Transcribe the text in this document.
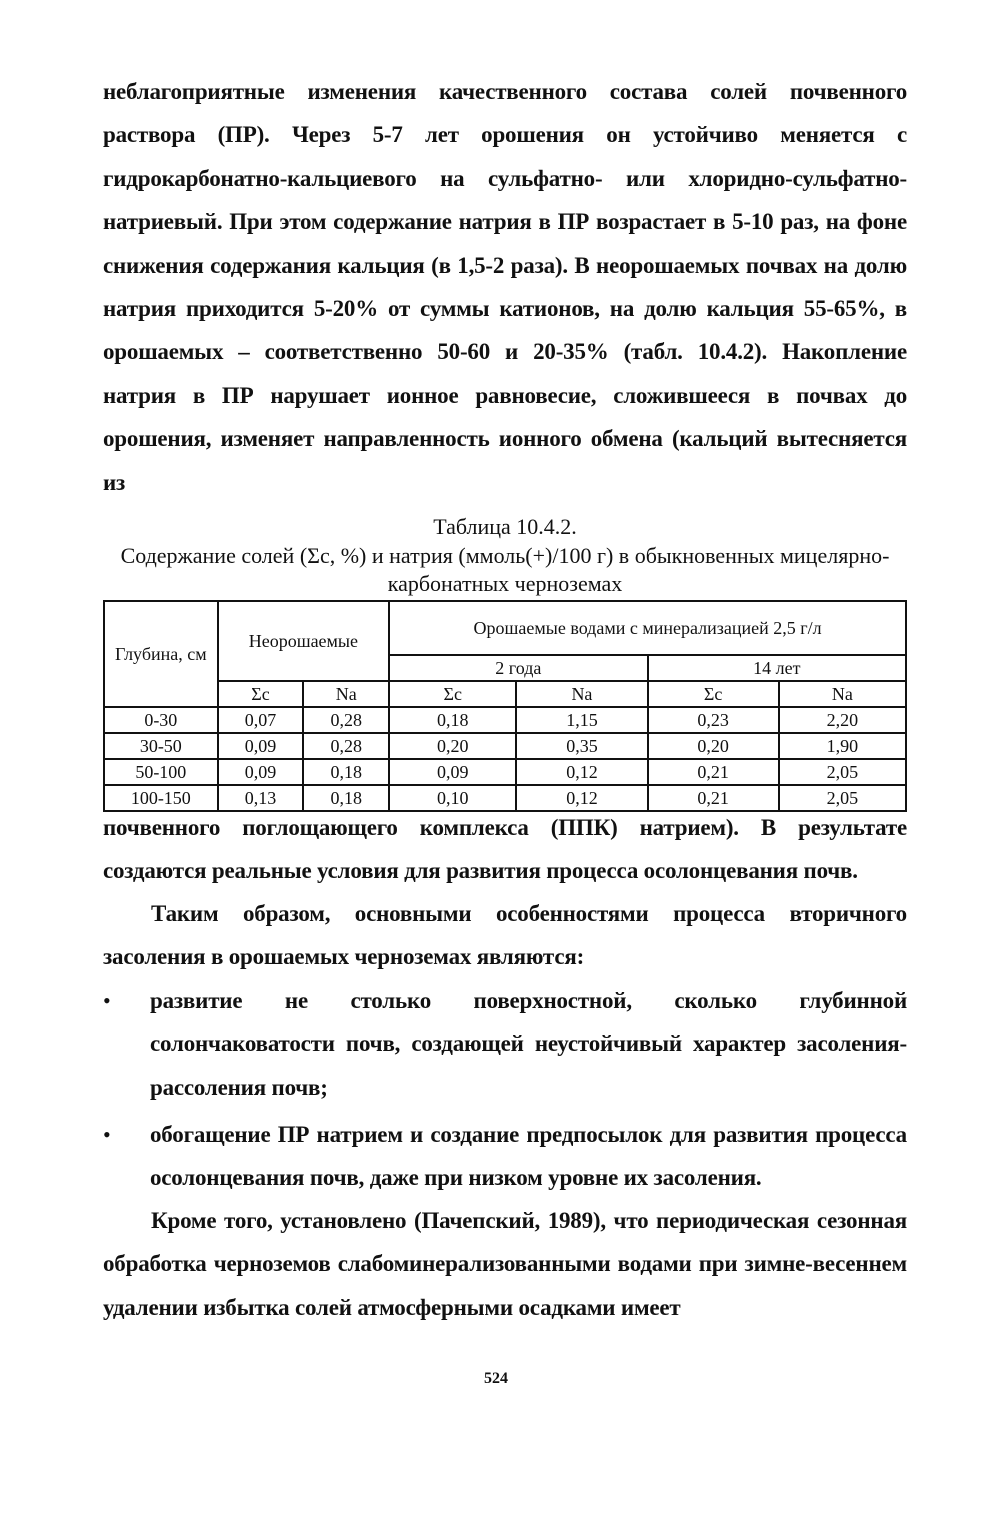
неблагоприятные изменения качественного состава солей почвенного раствора (ПР). Через 5-7 лет орошения он устойчиво меняется с гидрокарбонатно-кальциевого на сульфатно- или хлоридно-сульфатно-натриевый. При этом содержание натрия в ПР возрастает в 5-10 раз, на фоне снижения содержания кальция (в 1,5-2 раза). В неорошаемых почвах на долю натрия приходится 5-20% от суммы катионов, на долю кальция 55-65%, в орошаемых – соответственно 50-60 и 20-35% (табл. 10.4.2). Накопление натрия в ПР нарушает ионное равновесие, сложившееся в почвах до орошения, изменяет направленность ионного обмена (кальций вытесняется из
Таблица 10.4.2.
Содержание солей (Σc, %) и натрия (ммоль(+)/100 г) в обыкновенных мицелярно-карбонатных черноземах
Глубина, см	Неорошаемые		Орошаемые водами с минерализацией 2,5 г/л			
			2 года		14 лет	
	Σc	Na	Σc	Na	Σc	Na
0-30	0,07	0,28	0,18	1,15	0,23	2,20
30-50	0,09	0,28	0,20	0,35	0,20	1,90
50-100	0,09	0,18	0,09	0,12	0,21	2,05
100-150	0,13	0,18	0,10	0,12	0,21	2,05
почвенного поглощающего комплекса (ППК) натрием). В результате создаются реальные условия для развития процесса осолонцевания почв.
Таким образом, основными особенностями процесса вторичного засоления в орошаемых черноземах являются:
•	развитие не столько поверхностной, сколько глубинной солончаковатости почв, создающей неустойчивый характер засоления-рассоления почв;
•	обогащение ПР натрием и создание предпосылок для развития процесса осолонцевания почв, даже при низком уровне их засоления.
Кроме того, установлено (Пачепский, 1989), что периодическая сезонная обработка черноземов слабоминерализованными водами при зимне-весеннем удалении избытка солей атмосферными осадками имеет
524
